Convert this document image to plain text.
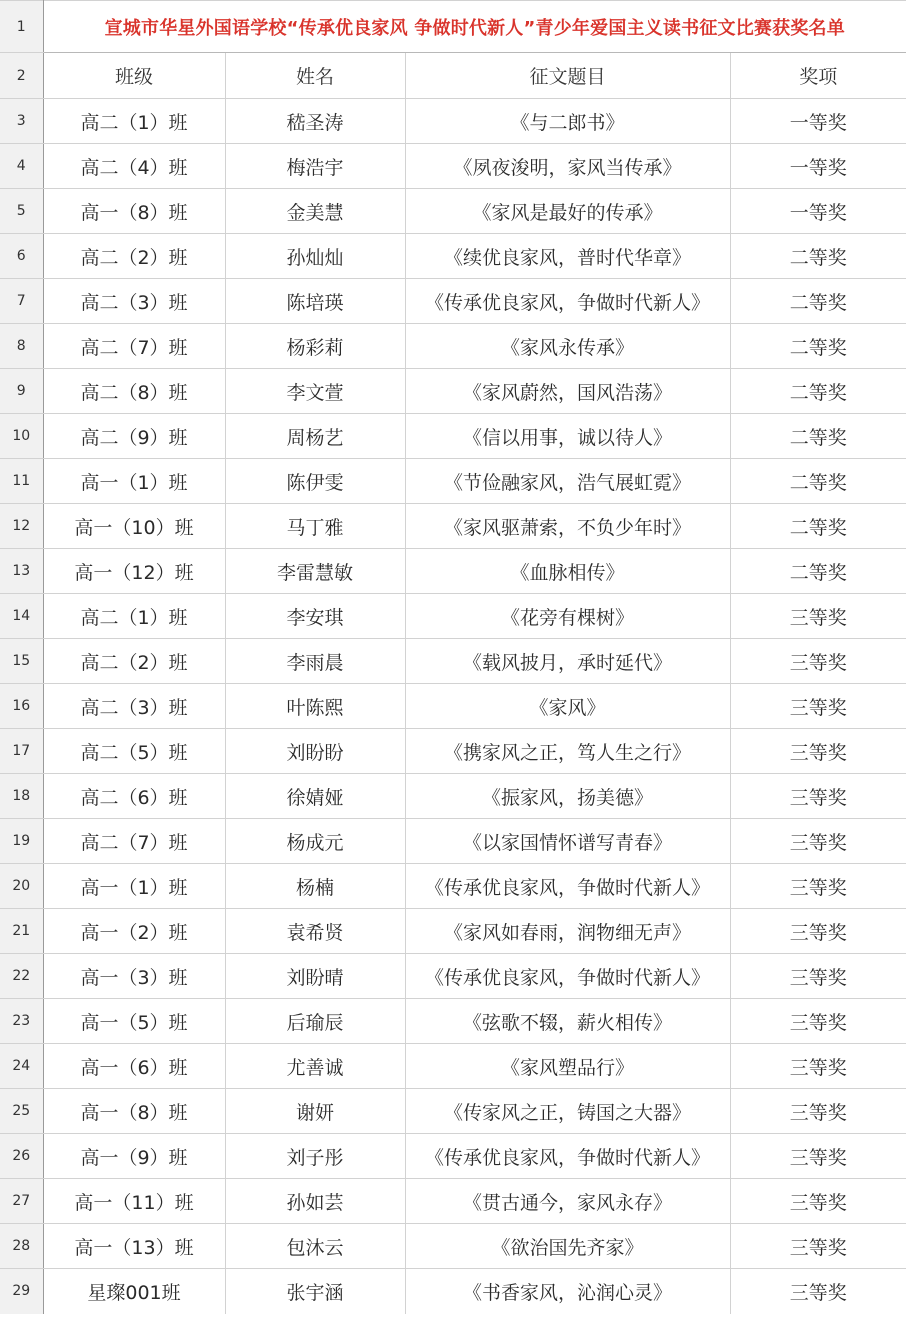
1	宣城市华星外国语学校“传承优良家风 争做时代新人”青少年爱国主义读书征文比赛获奖名单			
2	班级	姓名	征文题目	奖项
3	高二（1）班	嵇圣涛	《与二郎书》	一等奖
4	高二（4）班	梅浩宇	《夙夜浚明，家风当传承》	一等奖
5	高一（8）班	金美慧	《家风是最好的传承》	一等奖
6	高二（2）班	孙灿灿	《续优良家风，普时代华章》	二等奖
7	高二（3）班	陈培瑛	《传承优良家风，争做时代新人》	二等奖
8	高二（7）班	杨彩莉	《家风永传承》	二等奖
9	高二（8）班	李文萱	《家风蔚然，国风浩荡》	二等奖
10	高二（9）班	周杨艺	《信以用事，诚以待人》	二等奖
11	高一（1）班	陈伊雯	《节俭融家风，浩气展虹霓》	二等奖
12	高一（10）班	马丁雅	《家风驱萧索，不负少年时》	二等奖
13	高一（12）班	李雷慧敏	《血脉相传》	二等奖
14	高二（1）班	李安琪	《花旁有棵树》	三等奖
15	高二（2）班	李雨晨	《载风披月，承时延代》	三等奖
16	高二（3）班	叶陈熙	《家风》	三等奖
17	高二（5）班	刘盼盼	《携家风之正，笃人生之行》	三等奖
18	高二（6）班	徐婧娅	《振家风，扬美德》	三等奖
19	高二（7）班	杨成元	《以家国情怀谱写青春》	三等奖
20	高一（1）班	杨楠	《传承优良家风，争做时代新人》	三等奖
21	高一（2）班	袁希贤	《家风如春雨，润物细无声》	三等奖
22	高一（3）班	刘盼晴	《传承优良家风，争做时代新人》	三等奖
23	高一（5）班	后瑜辰	《弦歌不辍，薪火相传》	三等奖
24	高一（6）班	尤善诚	《家风塑品行》	三等奖
25	高一（8）班	谢妍	《传家风之正，铸国之大器》	三等奖
26	高一（9）班	刘子彤	《传承优良家风，争做时代新人》	三等奖
27	高一（11）班	孙如芸	《贯古通今，家风永存》	三等奖
28	高一（13）班	包沐云	《欲治国先齐家》	三等奖
29	星璨001班	张宇涵	《书香家风，沁润心灵》	三等奖
